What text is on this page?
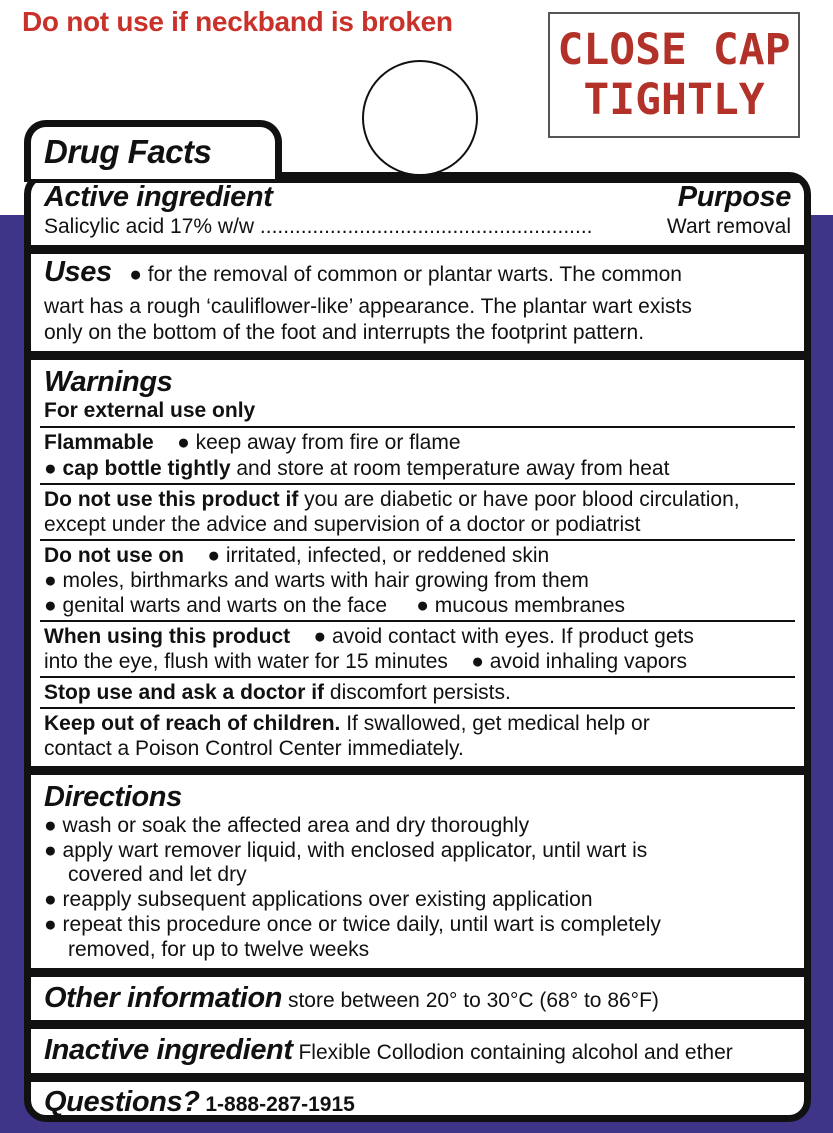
Do not use if neckband is broken
CLOSE CAP
TIGHTLY
Drug Facts
Active ingredient	Purpose
Salicylic acid 17% w/w .........................................................	Wart removal
Uses ● for the removal of common or plantar warts. The common
wart has a rough ‘cauliflower-like’ appearance. The plantar wart exists
only on the bottom of the foot and interrupts the footprint pattern.
Warnings
For external use only
Flammable ● keep away from fire or flame
● cap bottle tightly and store at room temperature away from heat
Do not use this product if you are diabetic or have poor blood circulation,
except under the advice and supervision of a doctor or podiatrist
Do not use on ● irritated, infected, or reddened skin
● moles, birthmarks and warts with hair growing from them
● genital warts and warts on the face ● mucous membranes
When using this product ● avoid contact with eyes. If product gets
into the eye, flush with water for 15 minutes ● avoid inhaling vapors
Stop use and ask a doctor if discomfort persists.
Keep out of reach of children. If swallowed, get medical help or
contact a Poison Control Center immediately.
Directions
● wash or soak the affected area and dry thoroughly
● apply wart remover liquid, with enclosed applicator, until wart is
covered and let dry
● reapply subsequent applications over existing application
● repeat this procedure once or twice daily, until wart is completely
removed, for up to twelve weeks
Other information store between 20° to 30°C (68° to 86°F)
Inactive ingredient Flexible Collodion containing alcohol and ether
Questions? 1-888-287-1915
